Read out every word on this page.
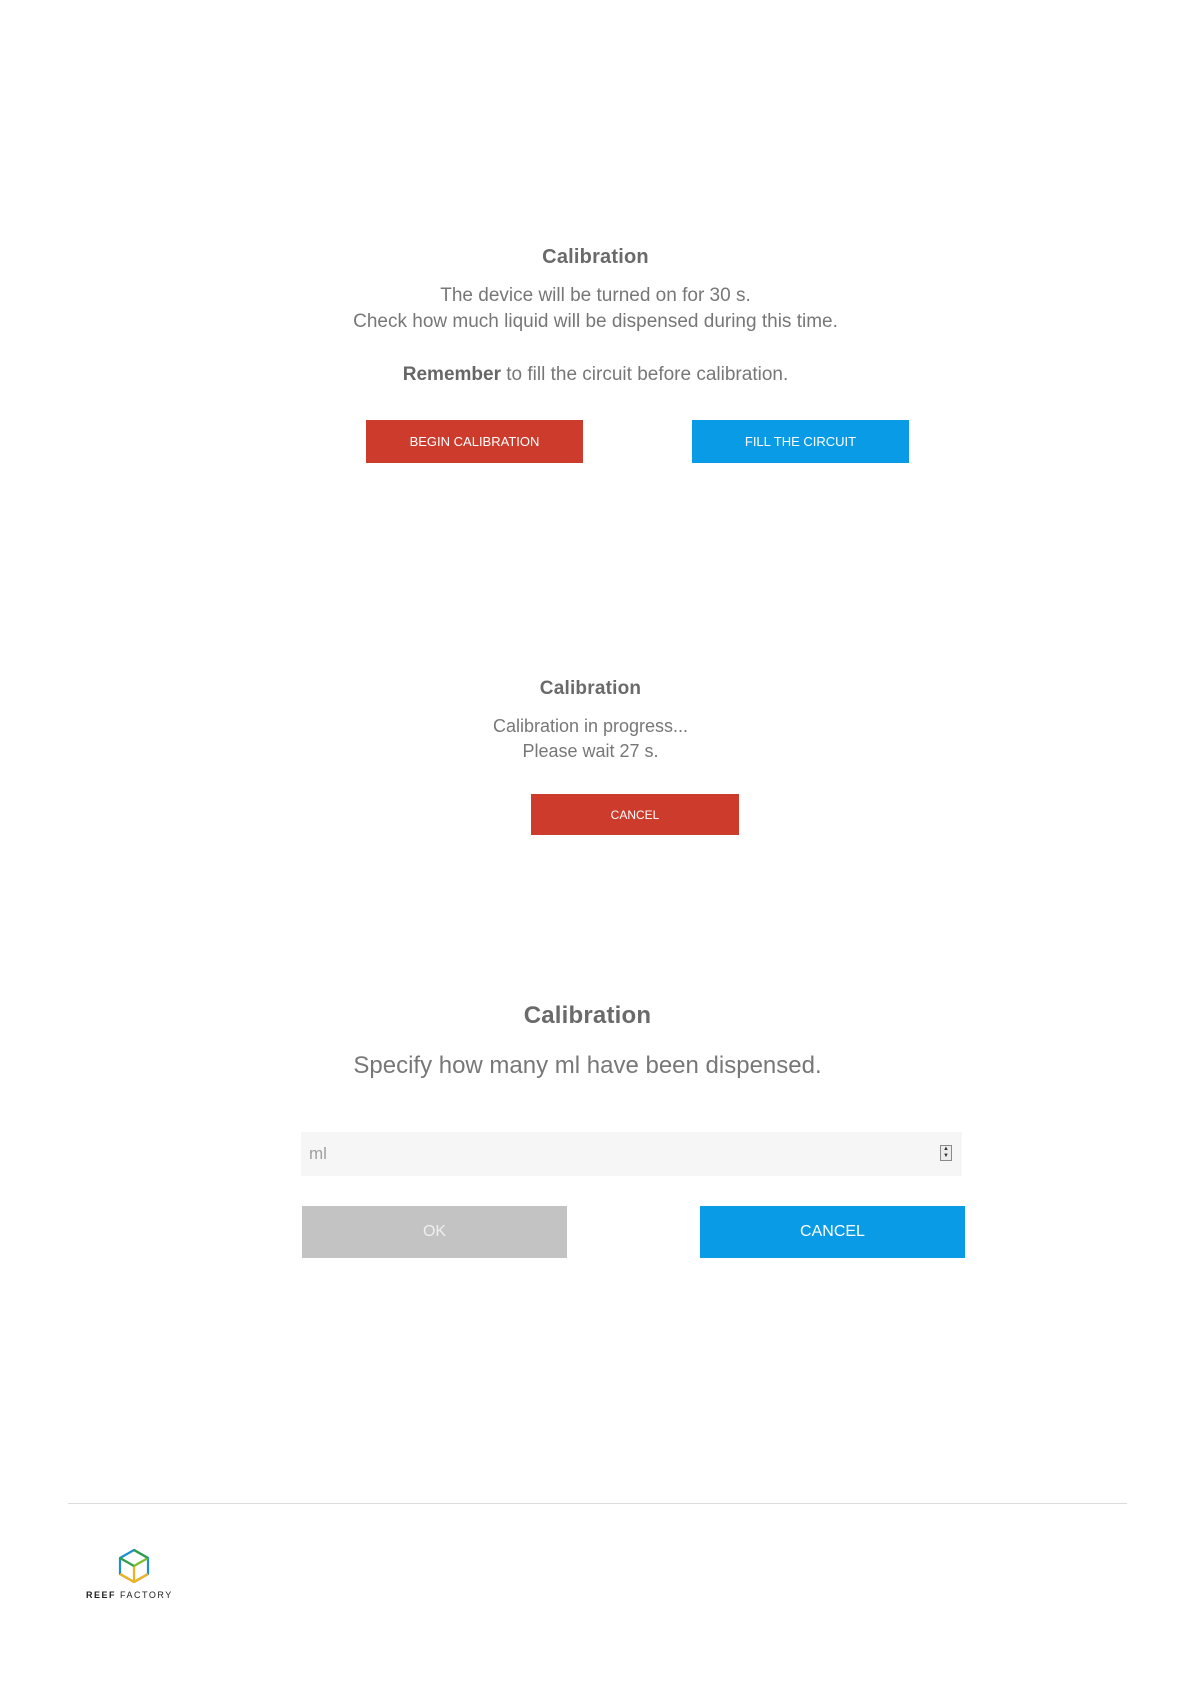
Calibration
The device will be turned on for 30 s.
Check how much liquid will be dispensed during this time.
Remember to fill the circuit before calibration.
BEGIN CALIBRATION	FILL THE CIRCUIT
Calibration
Calibration in progress...
Please wait 27 s.
CANCEL
Calibration
Specify how many ml have been dispensed.
ml
▲
▼
OK	CANCEL
REEF FACTORY
